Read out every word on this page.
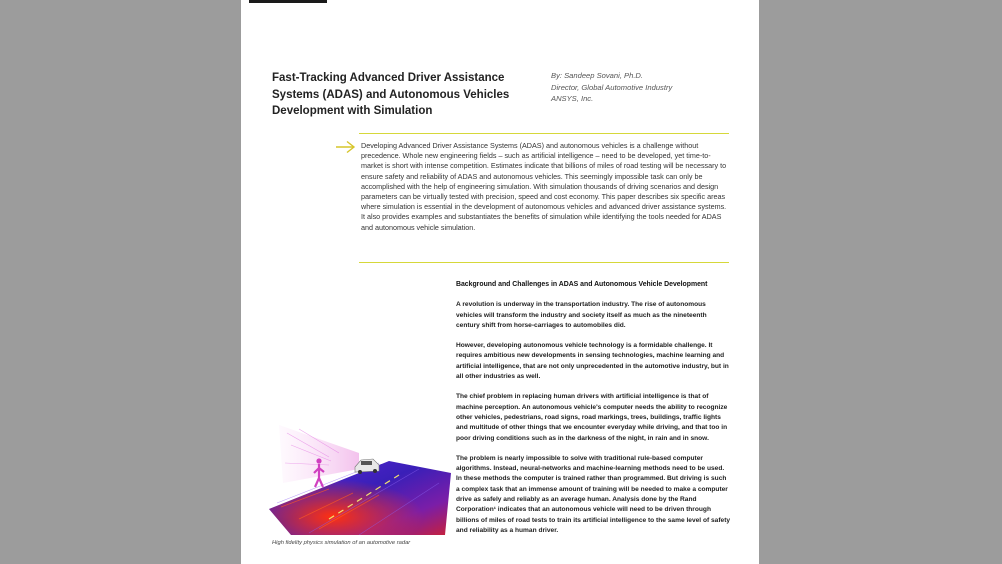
Fast-Tracking Advanced Driver Assistance Systems (ADAS) and Autonomous Vehicles Development with Simulation
By: Sandeep Sovani, Ph.D.
Director, Global Automotive Industry
ANSYS, Inc.
Developing Advanced Driver Assistance Systems (ADAS) and autonomous vehicles is a challenge without precedence. Whole new engineering fields – such as artificial intelligence – need to be developed, yet time-to-market is short with intense competition. Estimates indicate that billions of miles of road testing will be necessary to ensure safety and reliability of ADAS and autonomous vehicles. This seemingly impossible task can only be accomplished with the help of engineering simulation. With simulation thousands of driving scenarios and design parameters can be virtually tested with precision, speed and cost economy. This paper describes six specific areas where simulation is essential in the development of autonomous vehicles and advanced driver assistance systems. It also provides examples and substantiates the benefits of simulation while identifying the tools needed for ADAS and autonomous vehicle simulation.
Background and Challenges in ADAS and Autonomous Vehicle Development
A revolution is underway in the transportation industry. The rise of autonomous vehicles will transform the industry and society itself as much as the nineteenth century shift from horse-carriages to automobiles did.
However, developing autonomous vehicle technology is a formidable challenge. It requires ambitious new developments in sensing technologies, machine learning and artificial intelligence, that are not only unprecedented in the automotive industry, but in all other industries as well.
The chief problem in replacing human drivers with artificial intelligence is that of machine perception. An autonomous vehicle's computer needs the ability to recognize other vehicles, pedestrians, road signs, road markings, trees, buildings, traffic lights and multitude of other things that we encounter everyday while driving, and that too in poor driving conditions such as in the darkness of the night, in rain and in snow.
The problem is nearly impossible to solve with traditional rule-based computer algorithms. Instead, neural-networks and machine-learning methods need to be used. In these methods the computer is trained rather than programmed. But driving is such a complex task that an immense amount of training will be needed to make a computer drive as safely and reliably as an average human. Analysis done by the Rand Corporation¹ indicates that an autonomous vehicle will need to be driven through billions of miles of road tests to train its artificial intelligence to the same level of safety and reliability as a human driver.
High fidelity physics simulation of an automotive radar
